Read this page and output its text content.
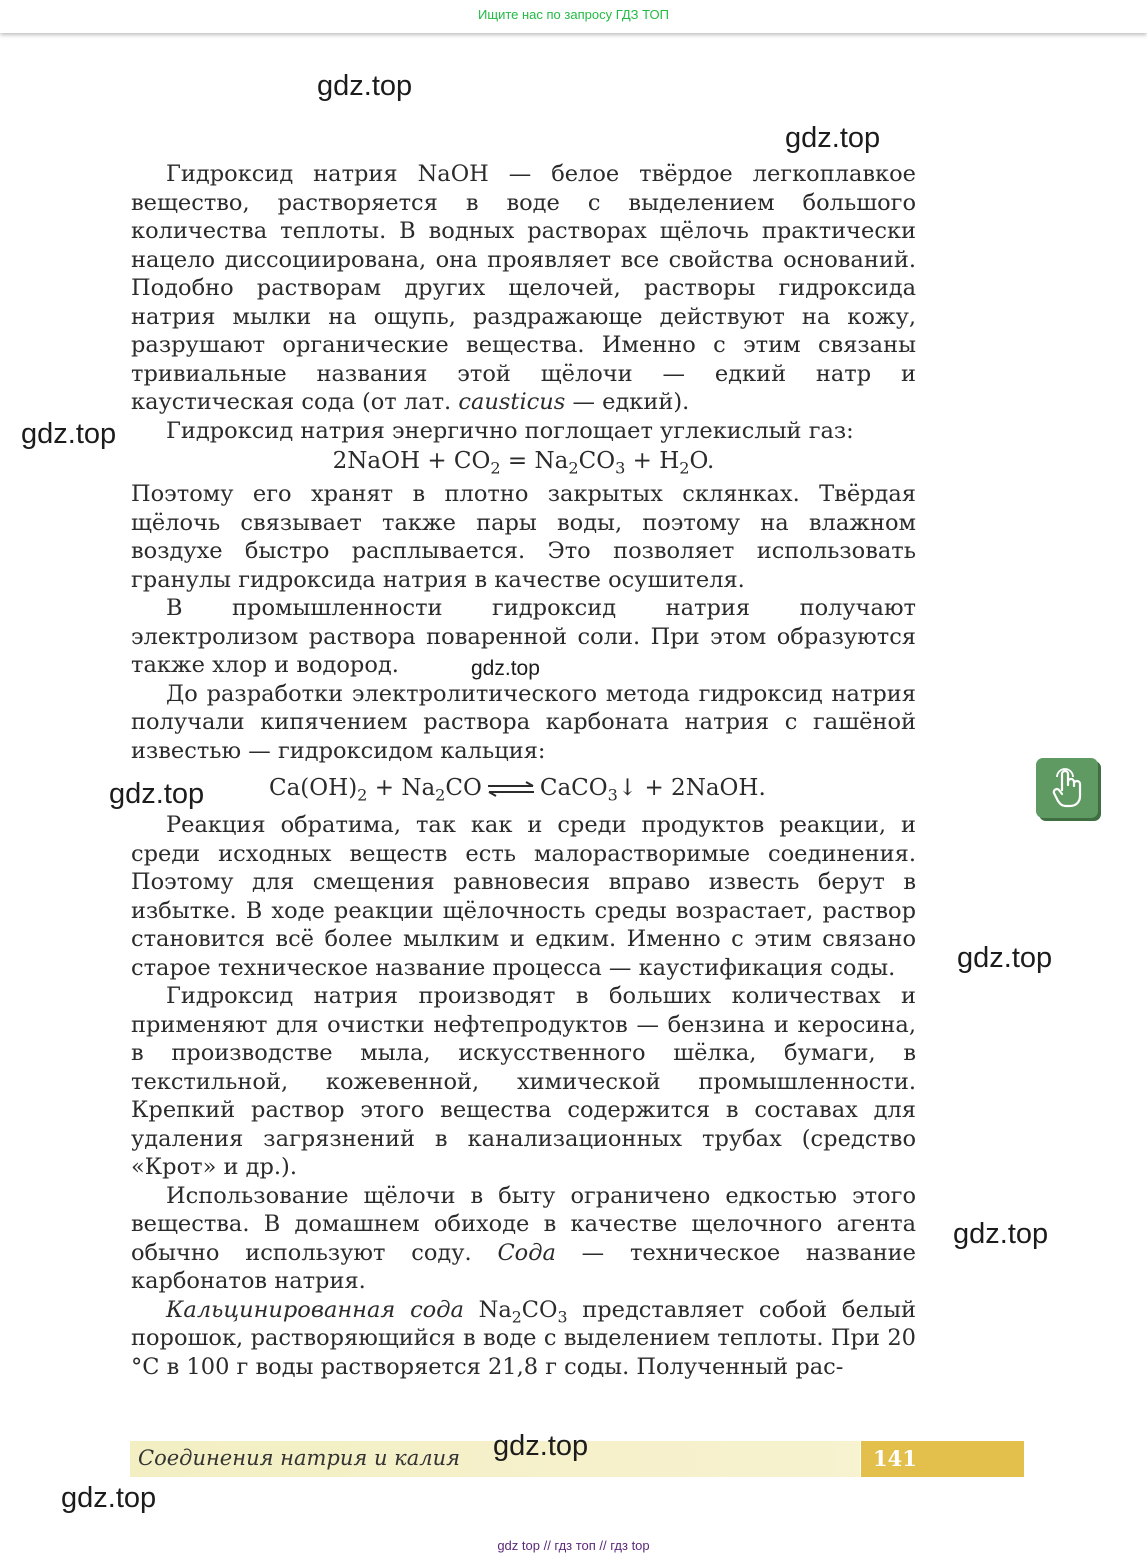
Ищите нас по запросу ГДЗ ТОП

Гидроксид натрия NaOH — белое твёрдое легкоплавкое вещество, растворяется в воде с выделением большого количества теплоты. В водных растворах щёлочь практически нацело диссоциирована, она проявляет все свойства оснований. Подобно растворам других щелочей, растворы гидроксида натрия мылки на ощупь, раздражающе действуют на кожу, разрушают органические вещества. Именно с этим связаны тривиальные названия этой щёлочи — едкий натр и каустическая сода (от лат. causticus — едкий).

Гидроксид натрия энергично поглощает углекислый газ:

2NaOH + $CO_2 = Na_2CO_3 + H_2O$.

Поэтому его хранят в плотно закрытых склянках. Твёрдая щёлочь связывает также пары воды, поэтому на влажном воздухе быстро расплывается. Это позволяет использовать гранулы гидроксида натрия в качестве осушителя.

В промышленности гидроксид натрия получают электролизом раствора поваренной соли. При этом образуются также хлор и водород.

До разработки электролитического метода гидроксид натрия получали кипячением раствора карбоната натрия с гашёной известью — гидроксидом кальция:

$Ca(OH)_2 + Na_2CO$ ⇌ CaCO$_3$↓ + 2NaOH.

Реакция обратима, так как и среди продуктов реакции, и среди исходных веществ есть малорастворимые соединения. Поэтому для смещения равновесия вправо известь берут в избытке. В ходе реакции щёлочность среды возрастает, раствор становится всё более мылким и едким. Именно с этим связано старое техническое название процесса — каустификация соды.

Гидроксид натрия производят в больших количествах и применяют для очистки нефтепродуктов — бензина и керосина, в производстве мыла, искусственного шёлка, бумаги, в текстильной, кожевенной, химической промышленности. Крепкий раствор этого вещества содержится в составах для удаления загрязнений в канализационных трубах (средство «Крот» и др.).

Использование щёлочи в быту ограничено едкостью этого вещества. В домашнем обиходе в качестве щелочного агента обычно используют соду. Сода — техническое название карбонатов натрия.

Кальцинированная сода $Na_2CO_3$ представляет собой белый порошок, растворяющийся в воде с выделением теплоты. При 20 °С в 100 г воды растворяется 21,8 г соды. Полученный рас-

Соединения натрия и калия	141
gdz.top
gdz.top
gdz.top
gdz.top
gdz.top
gdz.top
gdz.top
gdz.top
gdz.top
gdz top // гдз топ // гдз top
